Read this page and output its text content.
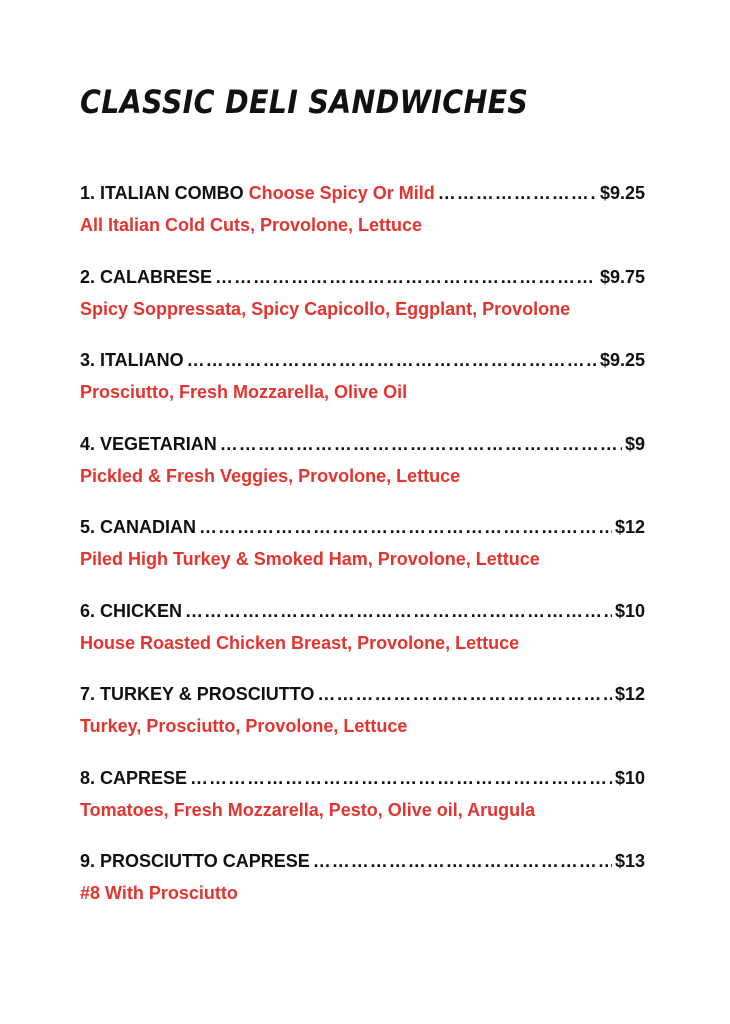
CLASSIC DELI SANDWICHES
1. ITALIAN COMBO Choose Spicy Or Mild ……………………………………………………………………………………………………………………………………	$9.25
All Italian Cold Cuts, Provolone, Lettuce
2. CALABRESE ……………………………………………………………………………………………………………………………………	$9.75
Spicy Soppressata, Spicy Capicollo, Eggplant, Provolone
3. ITALIANO ……………………………………………………………………………………………………………………………………	$9.25
Prosciutto, Fresh Mozzarella, Olive Oil
4. VEGETARIAN ……………………………………………………………………………………………………………………………………	$9
Pickled & Fresh Veggies, Provolone, Lettuce
5. CANADIAN ……………………………………………………………………………………………………………………………………	$12
Piled High Turkey & Smoked Ham, Provolone, Lettuce
6. CHICKEN ……………………………………………………………………………………………………………………………………	$10
House Roasted Chicken Breast, Provolone, Lettuce
7. TURKEY & PROSCIUTTO ……………………………………………………………………………………………………………………………………	$12
Turkey, Prosciutto, Provolone, Lettuce
8. CAPRESE ……………………………………………………………………………………………………………………………………	$10
Tomatoes, Fresh Mozzarella, Pesto, Olive oil, Arugula
9. PROSCIUTTO CAPRESE ……………………………………………………………………………………………………………………………………	$13
#8 With Prosciutto
